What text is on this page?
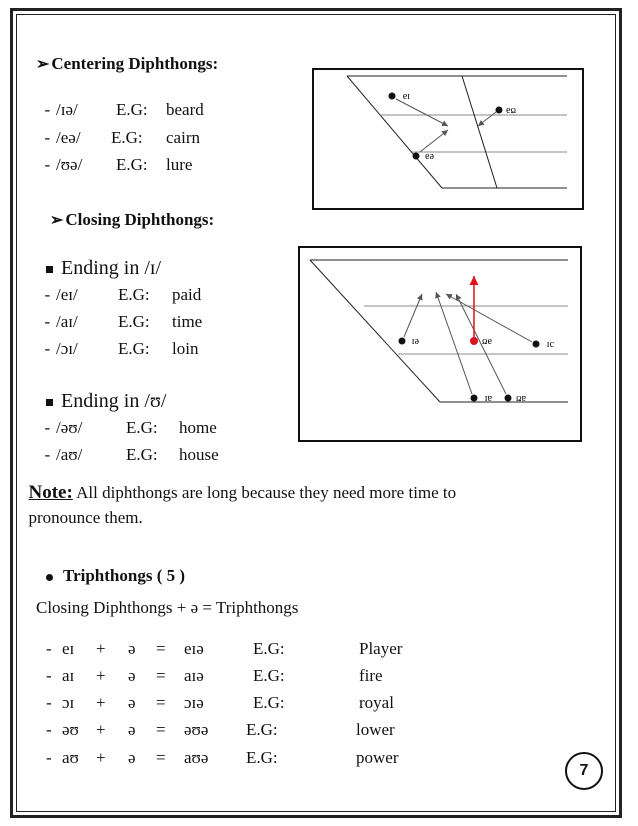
➢ Centering Diphthongs:

- /ɪə/ E.G: beard

- /eə/ E.G: cairn

- /ʊə/ E.G: lure

ɪə
ʊə
eə
➢ Closing Diphthongs:

Ending in /ɪ/

- /eɪ/ E.G: paid

- /aɪ/ E.G: time

- /ɔɪ/ E.G: loin

Ending in /ʊ/

- /əʊ/	E.G: home

- /aʊ/	E.G: house

eɪ	əʊ	ɔɪ
aɪ aʊ

Note: All diphthongs are long because they need more time to

pronounce them.

Triphthongs ( 5 )
Closing Diphthongs + ə = Triphthongs

- eɪ + ə = eɪə	E.G:	Player

- aɪ + ə = aɪə	E.G:	fire

- ɔɪ + ə = ɔɪə	E.G:	royal

- əʊ + ə = əʊə E.G:	lower

- aʊ + ə = aʊə E.G:	power

7
